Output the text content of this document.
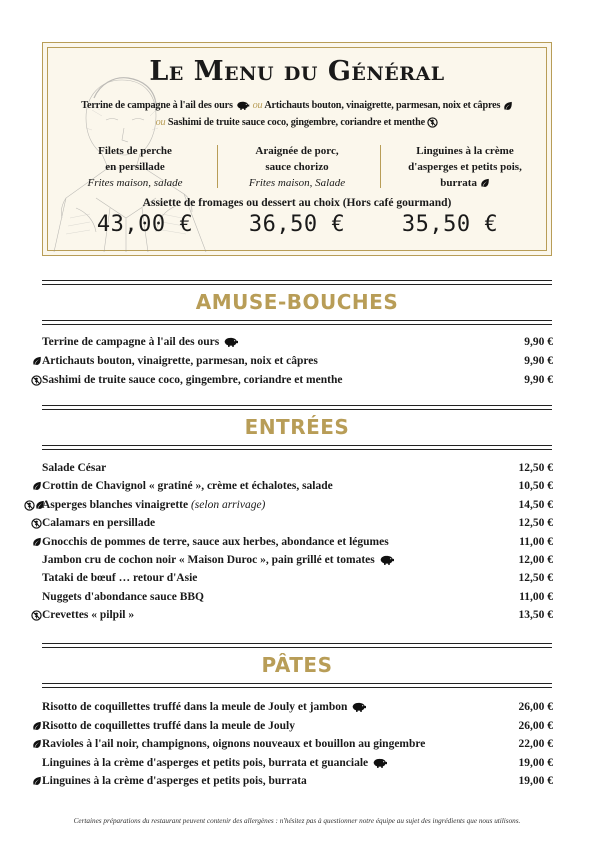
Le Menu du Général
Terrine de campagne à l'ail des ours ou Artichauts bouton, vinaigrette, parmesan, noix et câpres
ou Sashimi de truite sauce coco, gingembre, coriandre et menthe
Filets de perche
en persillade
Frites maison, salade
Araignée de porc,
sauce chorizo
Frites maison, Salade
Linguines à la crème
d'asperges et petits pois,
burrata
Assiette de fromages ou dessert au choix (Hors café gourmand)
43,00 €	36,50 €	35,50 €
AMUSE-BOUCHES
Terrine de campagne à l'ail des ours	9,90 €
Artichauts bouton, vinaigrette, parmesan, noix et câpres	9,90 €
Sashimi de truite sauce coco, gingembre, coriandre et menthe	9,90 €
ENTRÉES
Salade César	12,50 €
Crottin de Chavignol « gratiné », crème et échalotes, salade	10,50 €
Asperges blanches vinaigrette (selon arrivage)	14,50 €
Calamars en persillade	12,50 €
Gnocchis de pommes de terre, sauce aux herbes, abondance et légumes	11,00 €
Jambon cru de cochon noir « Maison Duroc », pain grillé et tomates	12,00 €
Tataki de bœuf … retour d'Asie	12,50 €
Nuggets d'abondance sauce BBQ	11,00 €
Crevettes « pilpil »	13,50 €
PÂTES
Risotto de coquillettes truffé dans la meule de Jouly et jambon	26,00 €
Risotto de coquillettes truffé dans la meule de Jouly	26,00 €
Ravioles à l'ail noir, champignons, oignons nouveaux et bouillon au gingembre	22,00 €
Linguines à la crème d'asperges et petits pois, burrata et guanciale	19,00 €
Linguines à la crème d'asperges et petits pois, burrata	19,00 €
Certaines préparations du restaurant peuvent contenir des allergènes : n'hésitez pas à questionner notre équipe au sujet des ingrédients que nous utilisons.
